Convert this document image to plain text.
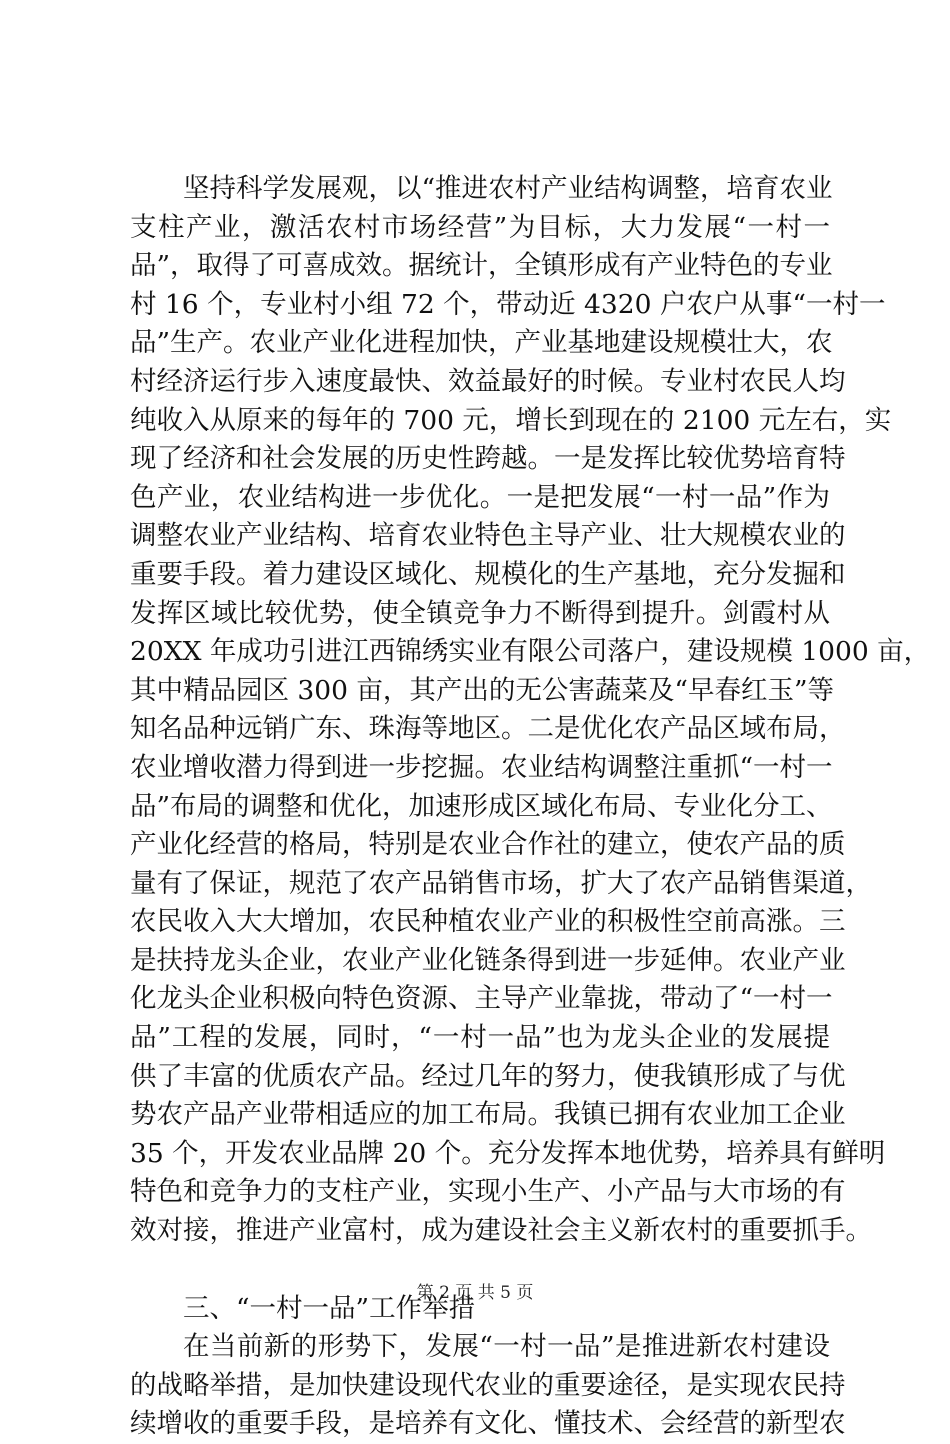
坚持科学发展观，以“推进农村产业结构调整，培育农业
支柱产业，激活农村市场经营”为目标，大力发展“一村一
品”，取得了可喜成效。据统计，全镇形成有产业特色的专业
村 16 个，专业村小组 72 个，带动近 4320 户农户从事“一村一
品”生产。农业产业化进程加快，产业基地建设规模壮大，农
村经济运行步入速度最快、效益最好的时候。专业村农民人均
纯收入从原来的每年的 700 元，增长到现在的 2100 元左右，实
现了经济和社会发展的历史性跨越。一是发挥比较优势培育特
色产业，农业结构进一步优化。一是把发展“一村一品”作为
调整农业产业结构、培育农业特色主导产业、壮大规模农业的
重要手段。着力建设区域化、规模化的生产基地，充分发掘和
发挥区域比较优势，使全镇竞争力不断得到提升。剑霞村从
20XX 年成功引进江西锦绣实业有限公司落户，建设规模 1000 亩，
其中精品园区 300 亩，其产出的无公害蔬菜及“早春红玉”等
知名品种远销广东、珠海等地区。二是优化农产品区域布局，
农业增收潜力得到进一步挖掘。农业结构调整注重抓“一村一
品”布局的调整和优化，加速形成区域化布局、专业化分工、
产业化经营的格局，特别是农业合作社的建立，使农产品的质
量有了保证，规范了农产品销售市场，扩大了农产品销售渠道，
农民收入大大增加，农民种植农业产业的积极性空前高涨。三
是扶持龙头企业，农业产业化链条得到进一步延伸。农业产业
化龙头企业积极向特色资源、主导产业靠拢，带动了“一村一
品”工程的发展，同时，“一村一品”也为龙头企业的发展提
供了丰富的优质农产品。经过几年的努力，使我镇形成了与优
势农产品产业带相适应的加工布局。我镇已拥有农业加工企业
35 个，开发农业品牌 20 个。充分发挥本地优势，培养具有鲜明
特色和竞争力的支柱产业，实现小生产、小产品与大市场的有
效对接，推进产业富村，成为建设社会主义新农村的重要抓手。
三、“一村一品”工作举措
在当前新的形势下，发展“一村一品”是推进新农村建设
的战略举措，是加快建设现代农业的重要途径，是实现农民持
续增收的重要手段，是培养有文化、懂技术、会经营的新型农
第 2 页 共 5 页
